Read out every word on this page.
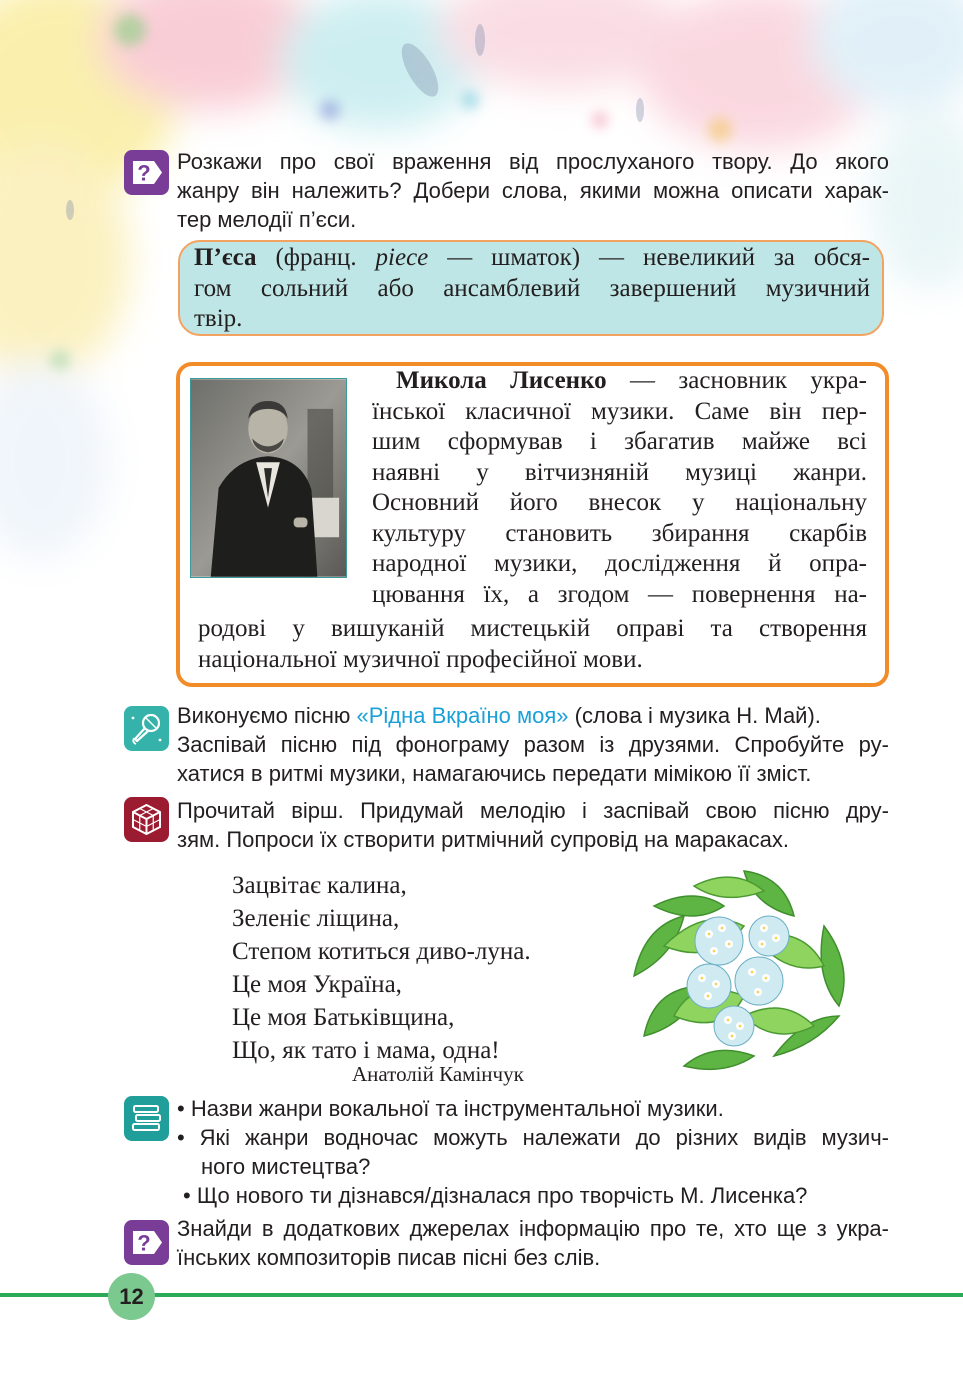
? Розкажи про свої враження від прослуханого твору. До якого
жанру він належить? Добери слова, якими можна описати харак-
тер мелодії п’єси.
П’єса (франц. piece — шматок) — невеликий за обся-
гом сольний або ансамблевий завершений музичний
твір.
Микола Лисенко — засновник укра-
їнської класичної музики. Саме він пер-
шим сформував і збагатив майже всі
наявні у вітчизняній музиці жанри.
Основний його внесок у національну
культуру становить збирання скарбів
народної музики, дослідження й опра-
цювання їх, а згодом — повернення на-
родові у вишуканій мистецькій оправі та створення
національної музичної професійної мови.
Виконуємо пісню «Рідна Вкраїно моя» (слова і музика Н. Май).
Заспівай пісню під фонограму разом із друзями. Спробуйте ру-
хатися в ритмі музики, намагаючись передати мімікою її зміст.
Прочитай вірш. Придумай мелодію і заспівай свою пісню дру-
зям. Попроси їх створити ритмічний супровід на маракасах.
Зацвітає калина,
Зеленіє ліщина,
Степом котиться диво-луна.
Це моя Україна,
Це моя Батьківщина,
Що, як тато і мама, одна!
Анатолій Камінчук
• Назви жанри вокальної та інструментальної музики.
• Які жанри водночас можуть належати до різних видів музич-
ного мистецтва?
• Що нового ти дізнався/дізналася про творчість М. Лисенка?
?
Знайди в додаткових джерелах інформацію про те, хто ще з укра-
їнських композиторів писав пісні без слів.
12
